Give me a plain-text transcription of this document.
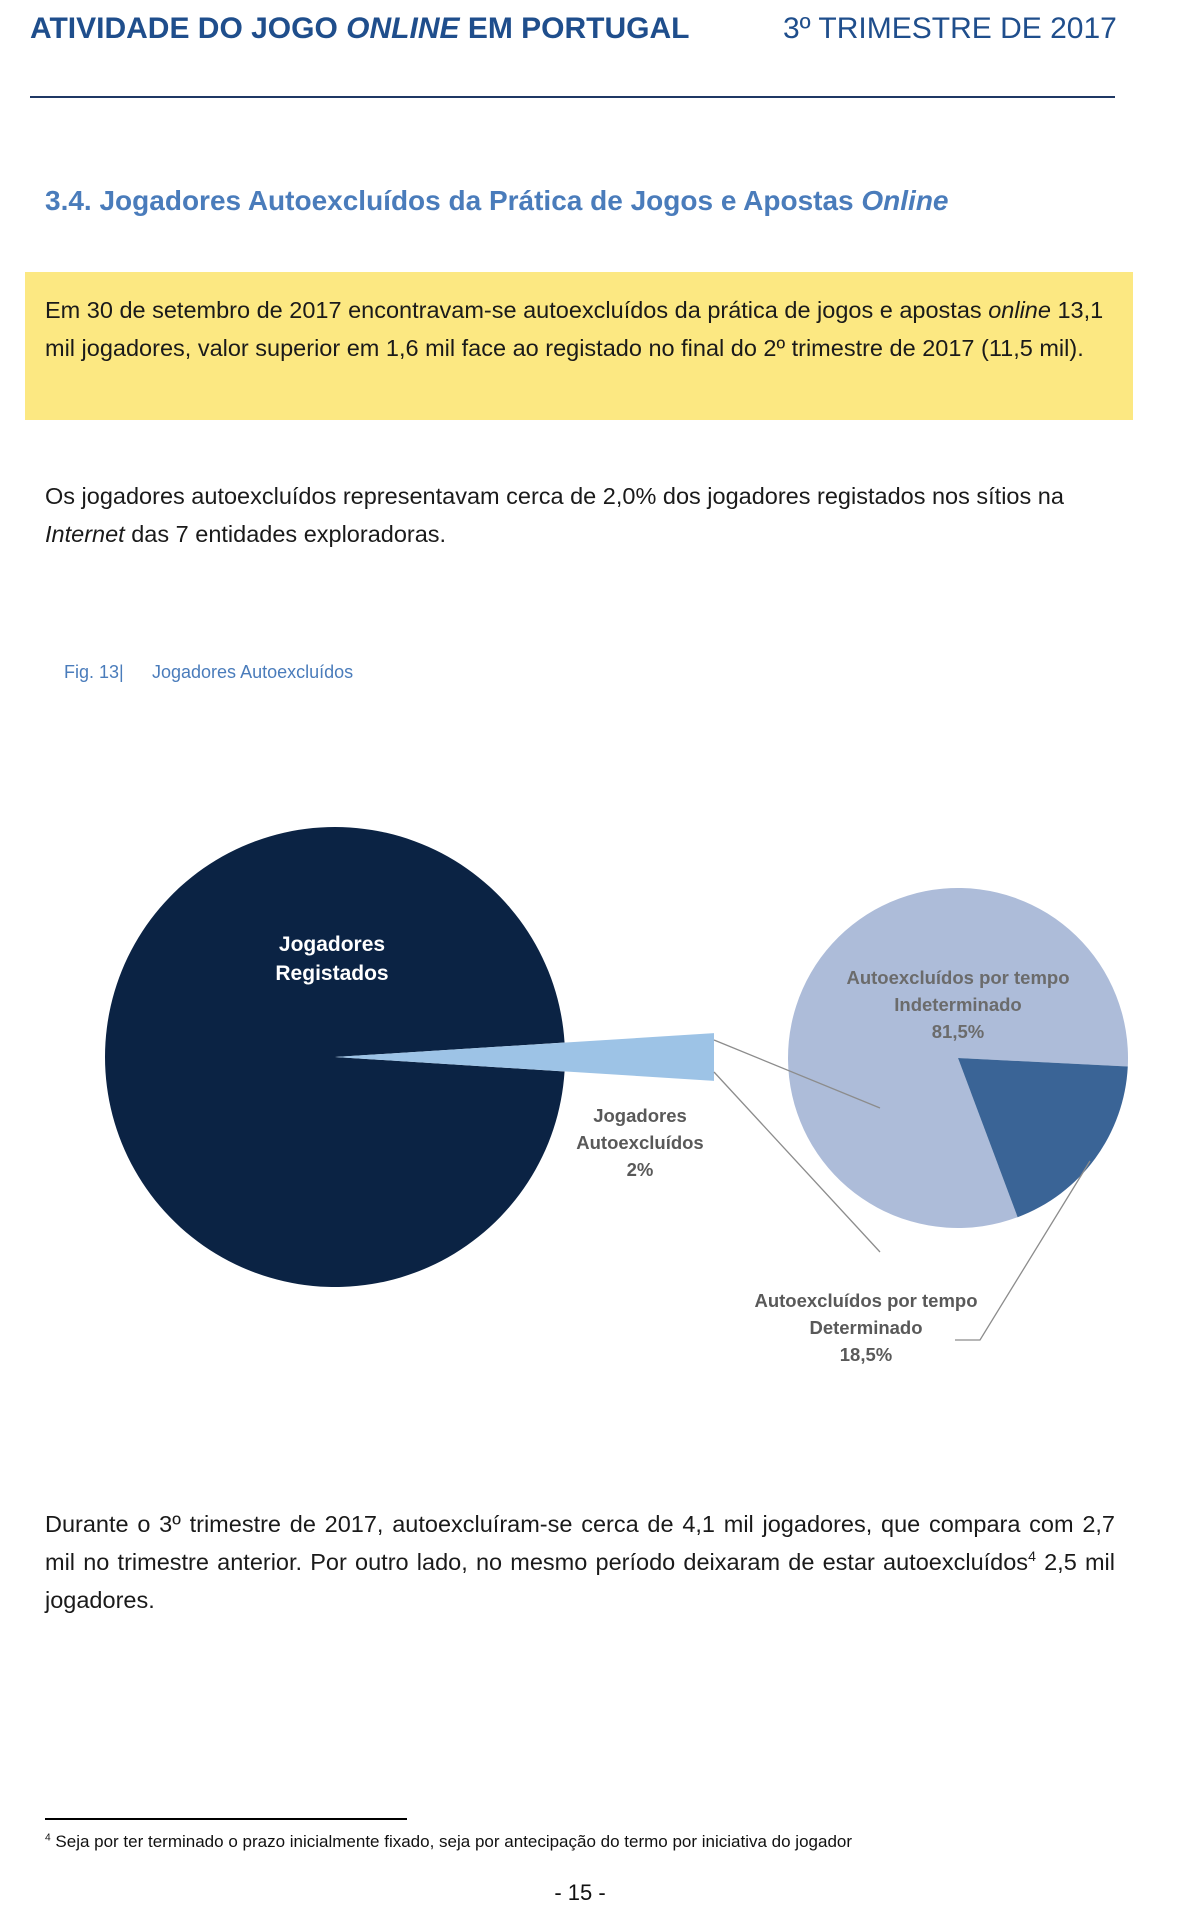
ATIVIDADE DO JOGO ONLINE EM PORTUGAL	3º TRIMESTRE DE 2017
3.4. Jogadores Autoexcluídos da Prática de Jogos e Apostas Online

Em 30 de setembro de 2017 encontravam-se autoexcluídos da prática de jogos e apostas online 13,1 mil jogadores, valor superior em 1,6 mil face ao registado no final do 2º trimestre de 2017 (11,5 mil).

Os jogadores autoexcluídos representavam cerca de 2,0% dos jogadores registados nos sítios na Internet das 7 entidades exploradoras.

Fig. 13| Jogadores Autoexcluídos
Jogadores
Registados
Jogadores
Autoexcluídos
2%
Autoexcluídos por tempo
Indeterminado
81,5%
Autoexcluídos por tempo
Determinado
18,5%

Durante o 3º trimestre de 2017, autoexcluíram-se cerca de 4,1 mil jogadores, que compara com 2,7 mil no trimestre anterior. Por outro lado, no mesmo período deixaram de estar autoexcluídos$^4$ 2,5 mil jogadores.

$^4$ Seja por ter terminado o prazo inicialmente fixado, seja por antecipação do termo por iniciativa do jogador
- 15 -
